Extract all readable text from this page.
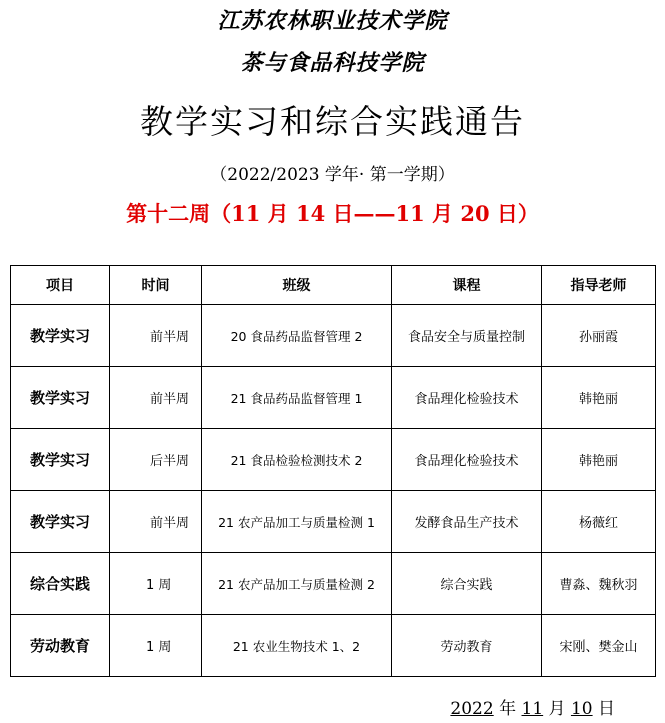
江苏农林职业技术学院
茶与食品科技学院
教学实习和综合实践通告
（2022/2023 学年· 第一学期）
第十二周（11 月 14 日——11 月 20 日）
项目	时间	班级	课程	指导老师
教学实习	前半周	20 食品药品监督管理 2	食品安全与质量控制	孙丽霞
教学实习	前半周	21 食品药品监督管理 1	食品理化检验技术	韩艳丽
教学实习	后半周	21 食品检验检测技术 2	食品理化检验技术	韩艳丽
教学实习	前半周	21 农产品加工与质量检测 1	发酵食品生产技术	杨薇红
综合实践	1 周	21 农产品加工与质量检测 2	综合实践	曹淼、魏秋羽
劳动教育	1 周	21 农业生物技术 1、2	劳动教育	宋刚、樊金山
2022 年 11 月 10 日
